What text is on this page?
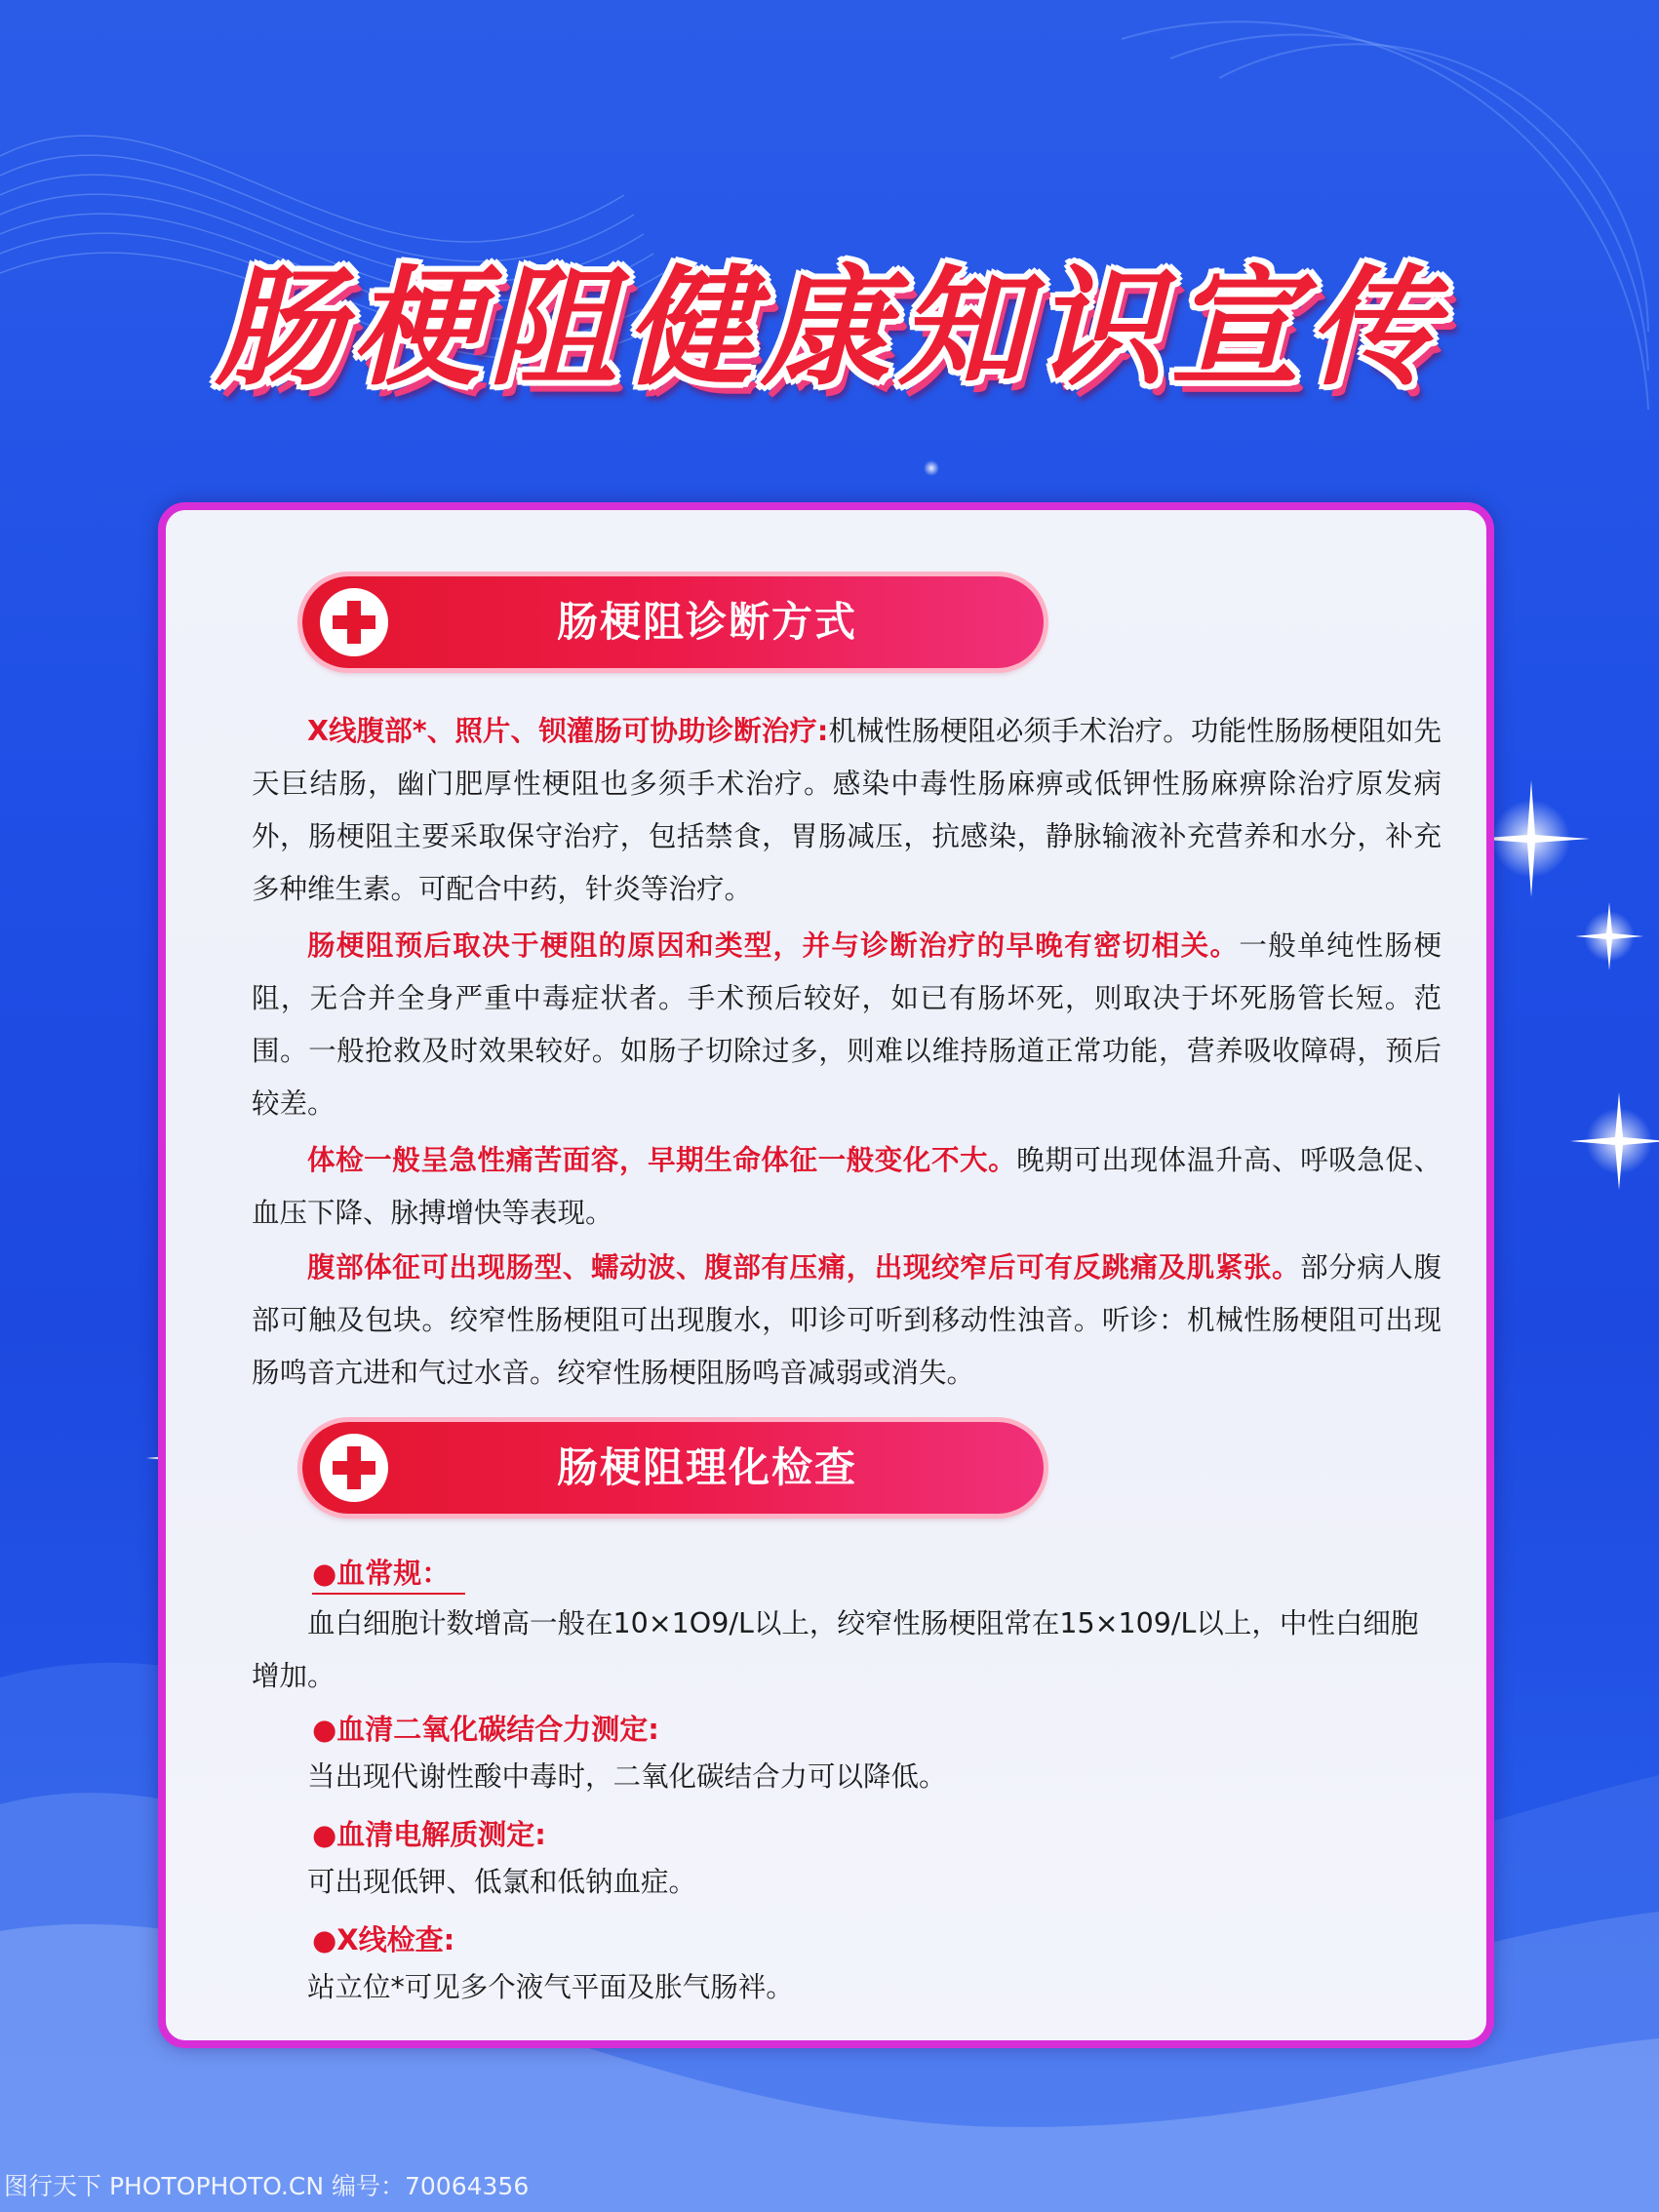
肠梗阻健康知识宣传
肠梗阻诊断方式

X线腹部*、照片、钡灌肠可协助诊断治疗:机械性肠梗阻必须手术治疗。功能性肠肠梗阻如先天巨结肠，幽门肥厚性梗阻也多须手术治疗。感染中毒性肠麻痹或低钾性肠麻痹除治疗原发病外，肠梗阻主要采取保守治疗，包括禁食，胃肠减压，抗感染，静脉输液补充营养和水分，补充多种维生素。可配合中药，针炎等治疗。

肠梗阻预后取决于梗阻的原因和类型，并与诊断治疗的早晚有密切相关。一般单纯性肠梗阻，无合并全身严重中毒症状者。手术预后较好，如已有肠坏死，则取决于坏死肠管长短。范围。一般抢救及时效果较好。如肠子切除过多，则难以维持肠道正常功能，营养吸收障碍，预后较差。

体检一般呈急性痛苦面容，早期生命体征一般变化不大。晚期可出现体温升高、呼吸急促、血压下降、脉搏增快等表现。

腹部体征可出现肠型、蠕动波、腹部有压痛，出现绞窄后可有反跳痛及肌紧张。部分病人腹部可触及包块。绞窄性肠梗阻可出现腹水，叩诊可听到移动性浊音。听诊：机械性肠梗阻可出现肠鸣音亢进和气过水音。绞窄性肠梗阻肠鸣音减弱或消失。

肠梗阻理化检查

●血常规：

血白细胞计数增高一般在10×1O9/L以上，绞窄性肠梗阻常在15×109/L以上，中性白细胞增加。

●血清二氧化碳结合力测定:

当出现代谢性酸中毒时，二氧化碳结合力可以降低。

●血清电解质测定:

可出现低钾、低氯和低钠血症。

●X线检查:

站立位*可见多个液气平面及胀气肠袢。

图行天下 PHOTOPHOTO.CN 编号：70064356
